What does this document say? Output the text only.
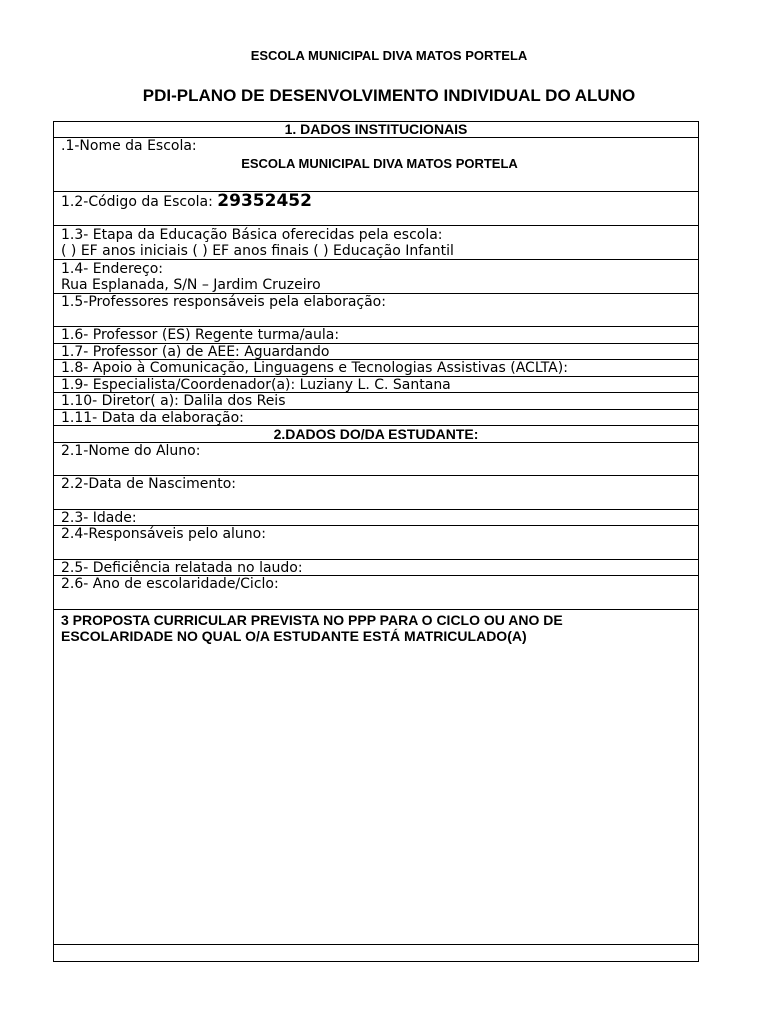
ESCOLA MUNICIPAL DIVA MATOS PORTELA
PDI-PLANO DE DESENVOLVIMENTO INDIVIDUAL DO ALUNO
1. DADOS INSTITUCIONAIS
.1-Nome da Escola:
ESCOLA MUNICIPAL DIVA MATOS PORTELA
1.2-Código da Escola: 29352452
1.3- Etapa da Educação Básica oferecidas pela escola:
( ) EF anos iniciais ( ) EF anos finais ( ) Educação Infantil
1.4- Endereço:
Rua Esplanada, S/N – Jardim Cruzeiro
1.5-Professores responsáveis pela elaboração:
1.6- Professor (ES) Regente turma/aula:
1.7- Professor (a) de AEE: Aguardando
1.8- Apoio à Comunicação, Linguagens e Tecnologias Assistivas (ACLTA):
1.9- Especialista/Coordenador(a): Luziany L. C. Santana
1.10- Diretor( a): Dalila dos Reis
1.11- Data da elaboração:
2.DADOS DO/DA ESTUDANTE:
2.1-Nome do Aluno:
2.2-Data de Nascimento:
2.3- Idade:
2.4-Responsáveis pelo aluno:
2.5- Deficiência relatada no laudo:
2.6- Ano de escolaridade/Ciclo:
3 PROPOSTA CURRICULAR PREVISTA NO PPP PARA O CICLO OU ANO DE
ESCOLARIDADE NO QUAL O/A ESTUDANTE ESTÁ MATRICULADO(A)
